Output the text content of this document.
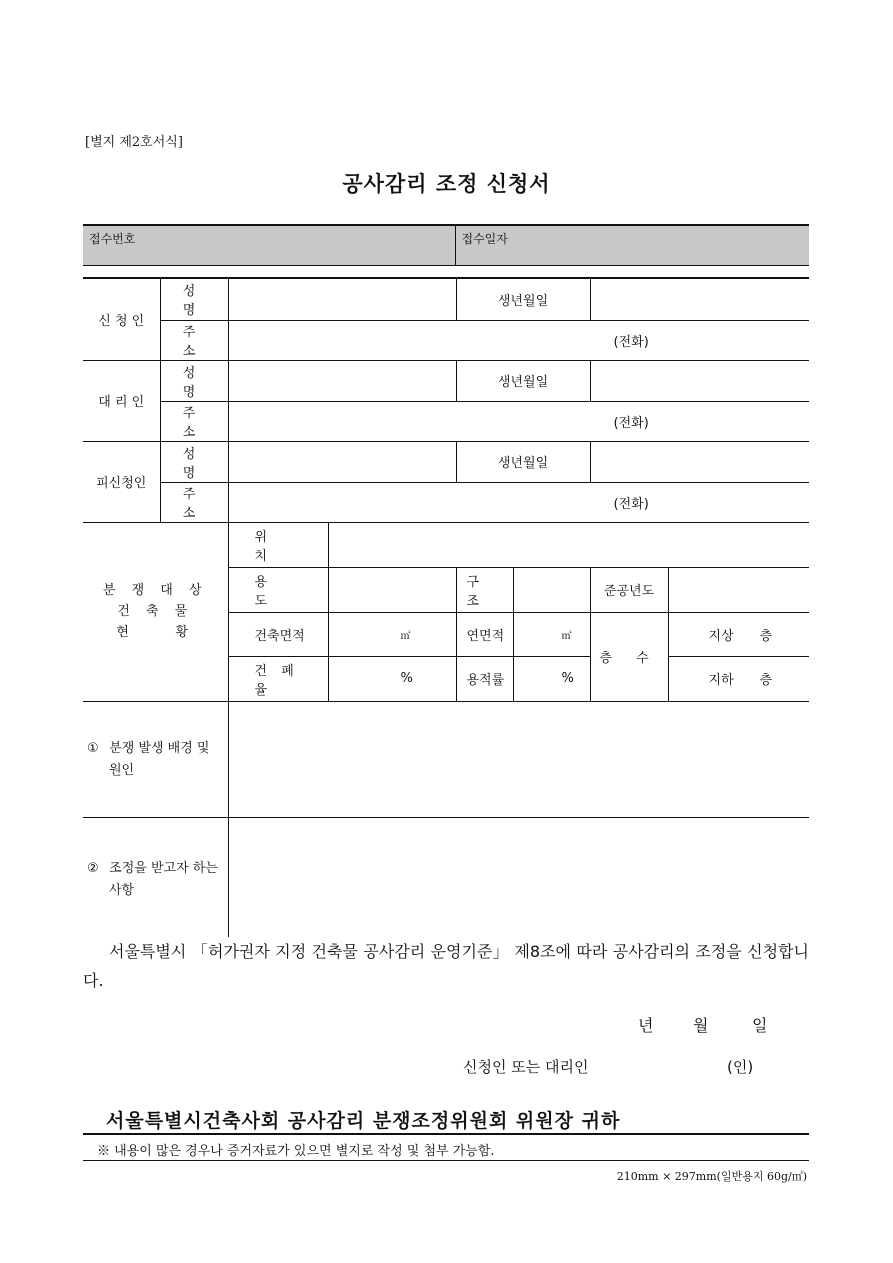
[별지 제2호서식]
공사감리 조정 신청서
접수번호	접수일자
신 청 인	성 명			생년월일			
	주 소	(전화)					

대 리 인	성 명			생년월일			
	주 소	(전화)					

피신청인	성 명			생년월일			
	주 소	(전화)					

분 쟁 대 상
건 축 물
현    황		위 치					
		용 도		구 조		준공년도	
		건축면적	㎡	연면적	㎡	층 수	지상 층
		건 폐 율	%	용적률	%		지하 층

① 분쟁 발생 배경 및
원인							

② 조정을 받고자 하는
사항							

서울특별시 「허가권자 지정 건축물 공사감리 운영기준」 제8조에 따라 공사감리의 조정을 신청합니다.
년 월	일
신청인 또는 대리인	(인)
서울특별시건축사회 공사감리 분쟁조정위원회 위원장 귀하
※ 내용이 많은 경우나 증거자료가 있으면 별지로 작성 및 첨부 가능함.
210mm × 297mm(일반용지 60g/㎡)
